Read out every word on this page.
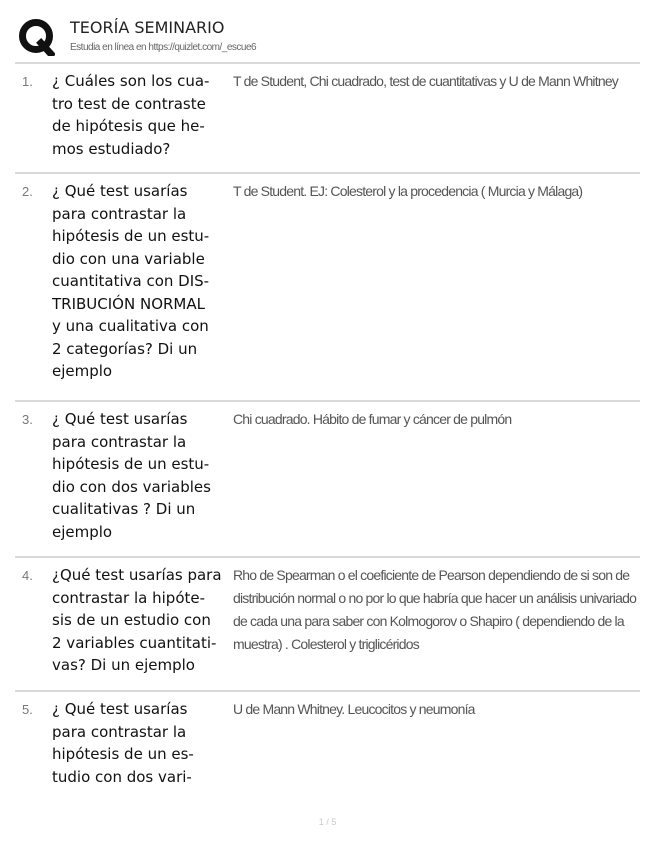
TEORÍA SEMINARIO
Estudia en línea en https://quizlet.com/_escue6
1. ¿ Cuáles son los cua-
tro test de contraste
de hipótesis que he-
mos estudiado?
T de Student, Chi cuadrado, test de cuantitativas y U de Mann Whitney
2. ¿ Qué test usarías
para contrastar la
hipótesis de un estu-
dio con una variable
cuantitativa con DIS-
TRIBUCIÓN NORMAL
y una cualitativa con
2 categorías? Di un
ejemplo
T de Student. EJ: Colesterol y la procedencia ( Murcia y Málaga)
3. ¿ Qué test usarías
para contrastar la
hipótesis de un estu-
dio con dos variables
cualitativas ? Di un
ejemplo
Chi cuadrado. Hábito de fumar y cáncer de pulmón
4. ¿Qué test usarías para
contrastar la hipóte-
sis de un estudio con
2 variables cuantitati-
vas? Di un ejemplo
Rho de Spearman o el coeficiente de Pearson dependiendo de si son de distribución normal o no por lo que habría que hacer un análisis univariado de cada una para saber con Kolmogorov o Shapiro ( dependiendo de la muestra) . Colesterol y triglicéridos
5. ¿ Qué test usarías
para contrastar la
hipótesis de un es-
tudio con dos vari-
U de Mann Whitney. Leucocitos y neumonía
1 / 5
